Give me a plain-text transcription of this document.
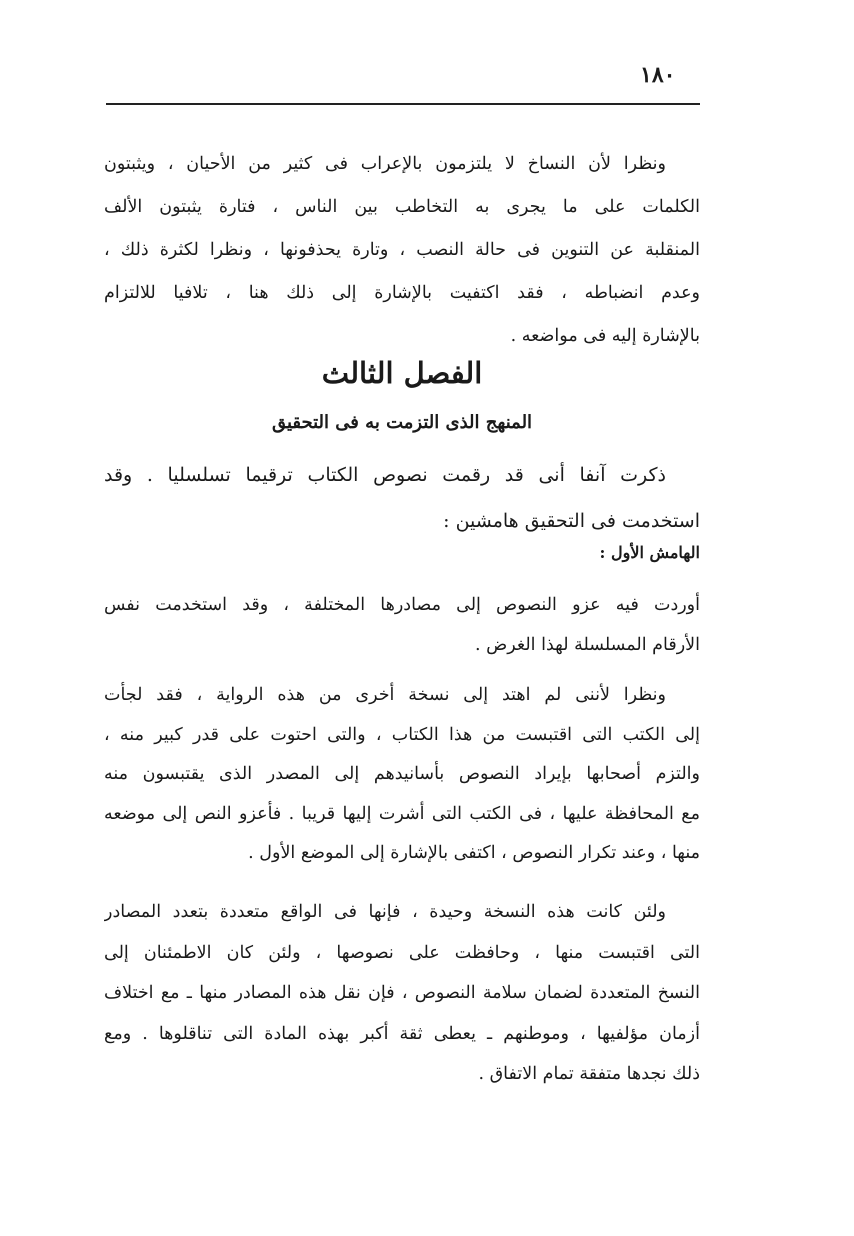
١٨٠
ونظرا لأن النساخ لا يلتزمون بالإعراب فى كثير من الأحيان ، ويثبتون
الكلمات على ما يجرى به التخاطب بين الناس ، فتارة يثبتون الألف
المنقلبة عن التنوين فى حالة النصب ، وتارة يحذفونها ، ونظرا لكثرة ذلك ،
وعدم انضباطه ، فقد اكتفيت بالإشارة إلى ذلك هنا ، تلافيا للالتزام
بالإشارة إليه فى مواضعه .
الفصل الثالث
المنهج الذى التزمت به فى التحقيق
ذكرت آنفا أنى قد رقمت نصوص الكتاب ترقيما تسلسليا . وقد
استخدمت فى التحقيق هامشين :
الهامش الأول :
أوردت فيه عزو النصوص إلى مصادرها المختلفة ، وقد استخدمت نفس
الأرقام المسلسلة لهذا الغرض .
ونظرا لأننى لم اهتد إلى نسخة أخرى من هذه الرواية ، فقد لجأت
إلى الكتب التى اقتبست من هذا الكتاب ، والتى احتوت على قدر كبير منه ،
والتزم أصحابها بإيراد النصوص بأسانيدهم إلى المصدر الذى يقتبسون منه
مع المحافظة عليها ، فى الكتب التى أشرت إليها قريبا . فأعزو النص إلى موضعه
منها ، وعند تكرار النصوص ، اكتفى بالإشارة إلى الموضع الأول .
ولئن كانت هذه النسخة وحيدة ، فإنها فى الواقع متعددة بتعدد المصادر
التى اقتبست منها ، وحافظت على نصوصها ، ولئن كان الاطمئنان إلى
النسخ المتعددة لضمان سلامة النصوص ، فإن نقل هذه المصادر منها ـ مع اختلاف
أزمان مؤلفيها ، وموطنهم ـ يعطى ثقة أكبر بهذه المادة التى تناقلوها . ومع
ذلك نجدها متفقة تمام الاتفاق .
